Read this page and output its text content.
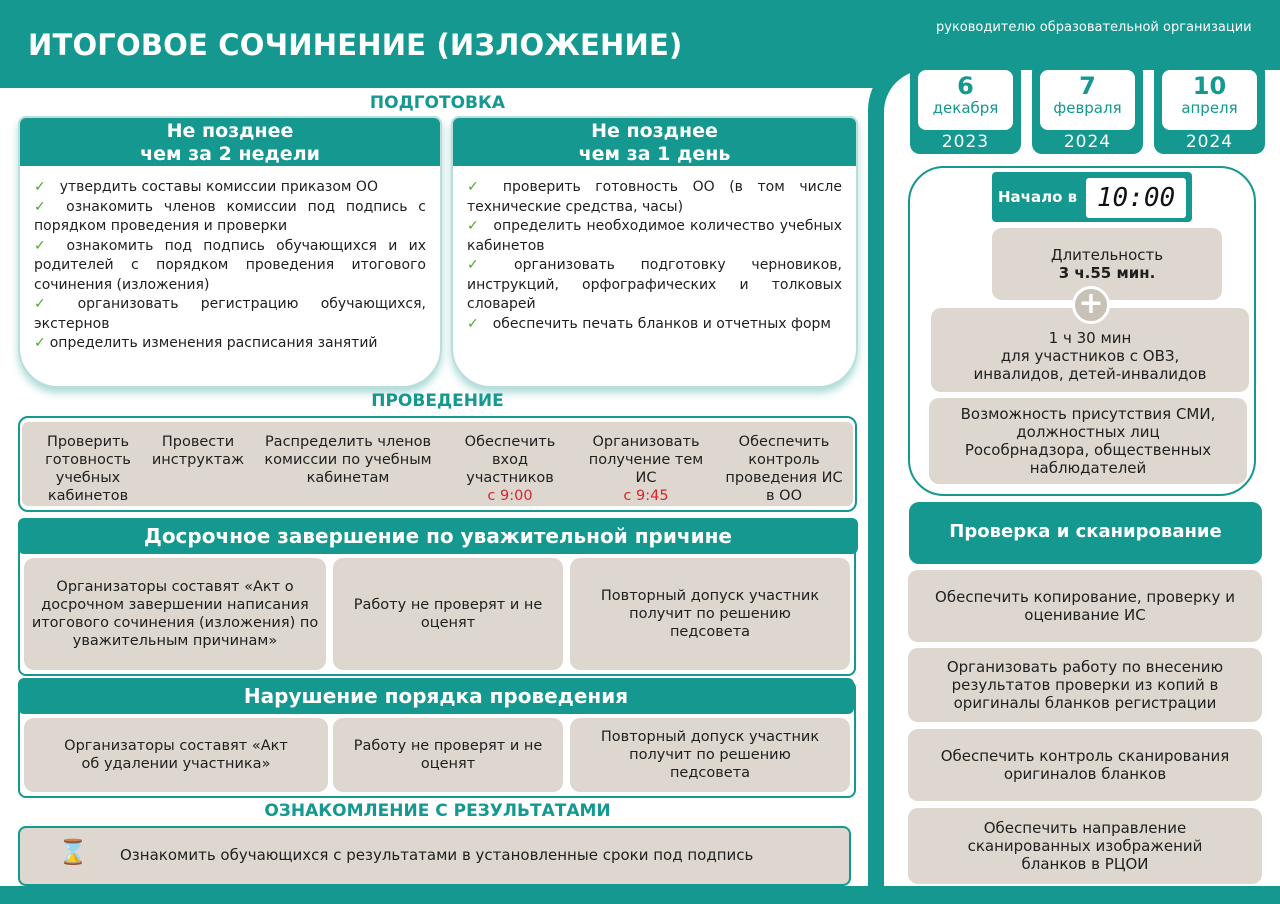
ИТОГОВОЕ СОЧИНЕНИЕ (ИЗЛОЖЕНИЕ)
руководителю образовательной организации
ПОДГОТОВКА
Не позднее
чем за 2 недели
✓ утвердить составы комиссии приказом ОО
✓ ознакомить членов комиссии под подпись с порядком проведения и проверки
✓ ознакомить под подпись обучающихся и их родителей с порядком проведения итогового сочинения (изложения)
✓ организовать регистрацию обучающихся, экстернов
✓ определить изменения расписания занятий
Не позднее
чем за 1 день
✓ проверить готовность ОО (в том числе технические средства, часы)
✓ определить необходимое количество учебных кабинетов
✓ организовать подготовку черновиков, инструкций, орфографических и толковых словарей
✓ обеспечить печать бланков и отчетных форм
ПРОВЕДЕНИЕ
Проверить готовность учебных кабинетов
Провести инструктаж
Распределить членов комиссии по учебным кабинетам
Обеспечить вход участников
с 9:00
Организовать получение тем ИС
с 9:45
Обеспечить контроль проведения ИС в ОО
Досрочное завершение по уважительной причине
Организаторы составят «Акт о досрочном завершении написания итогового сочинения (изложения) по уважительным причинам»
Работу не проверят и не оценят
Повторный допуск участник получит по решению педсовета
Нарушение порядка проведения
Организаторы составят «Акт об удалении участника»
Работу не проверят и не оценят
Повторный допуск участник получит по решению педсовета
ОЗНАКОМЛЕНИЕ С РЕЗУЛЬТАТАМИ
⌛ Ознакомить обучающихся с результатами в установленные сроки под подпись
6
декабря
2023
7
февраля
2024
10
апреля
2024
Начало в 10:00
Длительность
3 ч.55 мин.
1 ч 30 мин
для участников с ОВЗ, инвалидов, детей-инвалидов
+
Возможность присутствия СМИ, должностных лиц Рособрнадзора, общественных наблюдателей
Проверка и сканирование
Обеспечить копирование, проверку и оценивание ИС
Организовать работу по внесению результатов проверки из копий в оригиналы бланков регистрации
Обеспечить контроль сканирования оригиналов бланков
Обеспечить направление сканированных изображений бланков в РЦОИ
